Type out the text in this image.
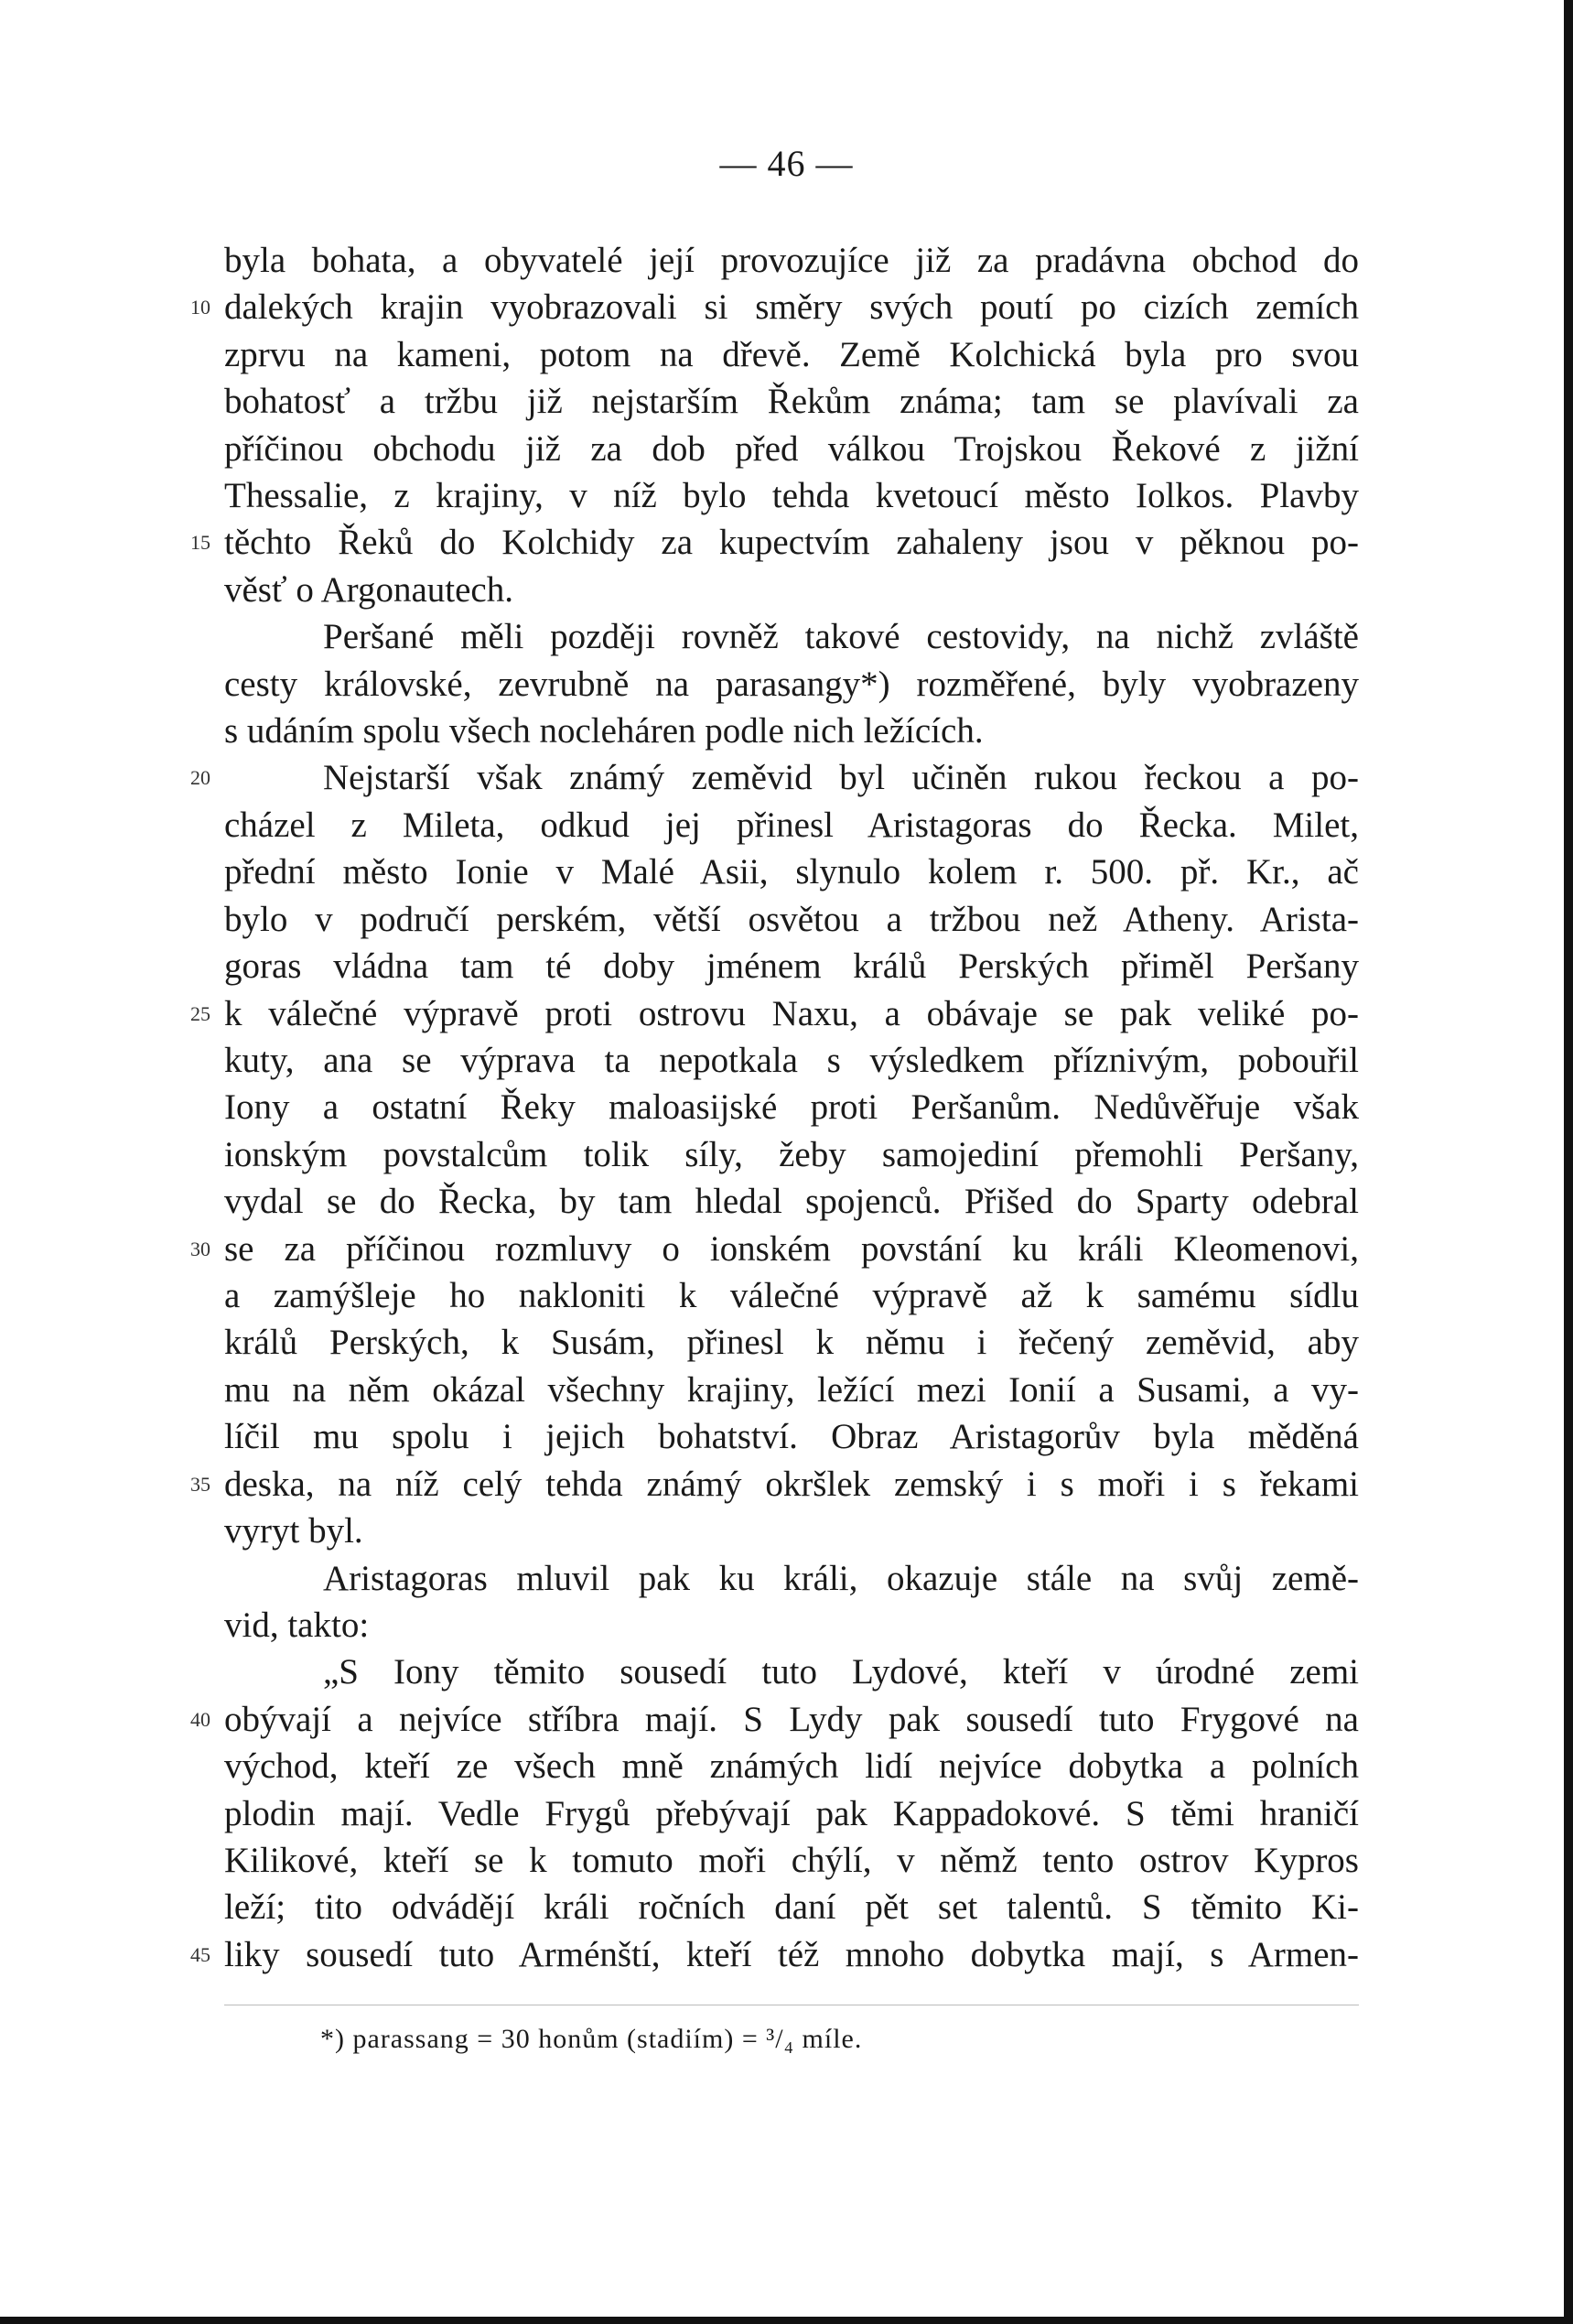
— 46 —
byla bohata, a obyvatelé její provozujíce již za pradávna obchod do
dalekých krajin vyobrazovali si směry svých poutí po cizích zemích
zprvu na kameni, potom na dřevě. Země Kolchická byla pro svou
bohatosť a tržbu již nejstarším Řekům známa; tam se plavívali za
příčinou obchodu již za dob před válkou Trojskou Řekové z jižní
Thessalie, z krajiny, v níž bylo tehda kvetoucí město Iolkos. Plavby
těchto Řeků do Kolchidy za kupectvím zahaleny jsou v pěknou po-
věsť o Argonautech.
Peršané měli později rovněž takové cestovidy, na nichž zvláště
cesty královské, zevrubně na parasangy*) rozměřené, byly vyobrazeny
s udáním spolu všech nocleháren podle nich ležících.
Nejstarší však známý zeměvid byl učiněn rukou řeckou a po-
cházel z Mileta, odkud jej přinesl Aristagoras do Řecka. Milet,
přední město Ionie v Malé Asii, slynulo kolem r. 500. př. Kr., ač
bylo v područí perském, větší osvětou a tržbou než Atheny. Arista-
goras vládna tam té doby jménem králů Perských přiměl Peršany
k válečné výpravě proti ostrovu Naxu, a obávaje se pak veliké po-
kuty, ana se výprava ta nepotkala s výsledkem příznivým, pobouřil
Iony a ostatní Řeky maloasijské proti Peršanům. Nedůvěřuje však
ionským povstalcům tolik síly, žeby samojediní přemohli Peršany,
vydal se do Řecka, by tam hledal spojenců. Přišed do Sparty odebral
se za příčinou rozmluvy o ionském povstání ku králi Kleomenovi,
a zamýšleje ho nakloniti k válečné výpravě až k samému sídlu
králů Perských, k Susám, přinesl k němu i řečený zeměvid, aby
mu na něm okázal všechny krajiny, ležící mezi Ionií a Susami, a vy-
líčil mu spolu i jejich bohatství. Obraz Aristagorův byla měděná
deska, na níž celý tehda známý okršlek zemský i s moři i s řekami
vyryt byl.
Aristagoras mluvil pak ku králi, okazuje stále na svůj země-
vid, takto:
„S Iony těmito sousedí tuto Lydové, kteří v úrodné zemi
obývají a nejvíce stříbra mají. S Lydy pak sousedí tuto Frygové na
východ, kteří ze všech mně známých lidí nejvíce dobytka a polních
plodin mají. Vedle Frygů přebývají pak Kappadokové. S těmi hraničí
Kilikové, kteří se k tomuto moři chýlí, v němž tento ostrov Kypros
leží; tito odvádějí králi ročních daní pět set talentů. S těmito Ki-
liky sousedí tuto Arménští, kteří též mnoho dobytka mají, s Armen-
10
15
20
25
30
35
40
45
*) parassang = 30 honům (stadiím) = ³/₄ míle.
